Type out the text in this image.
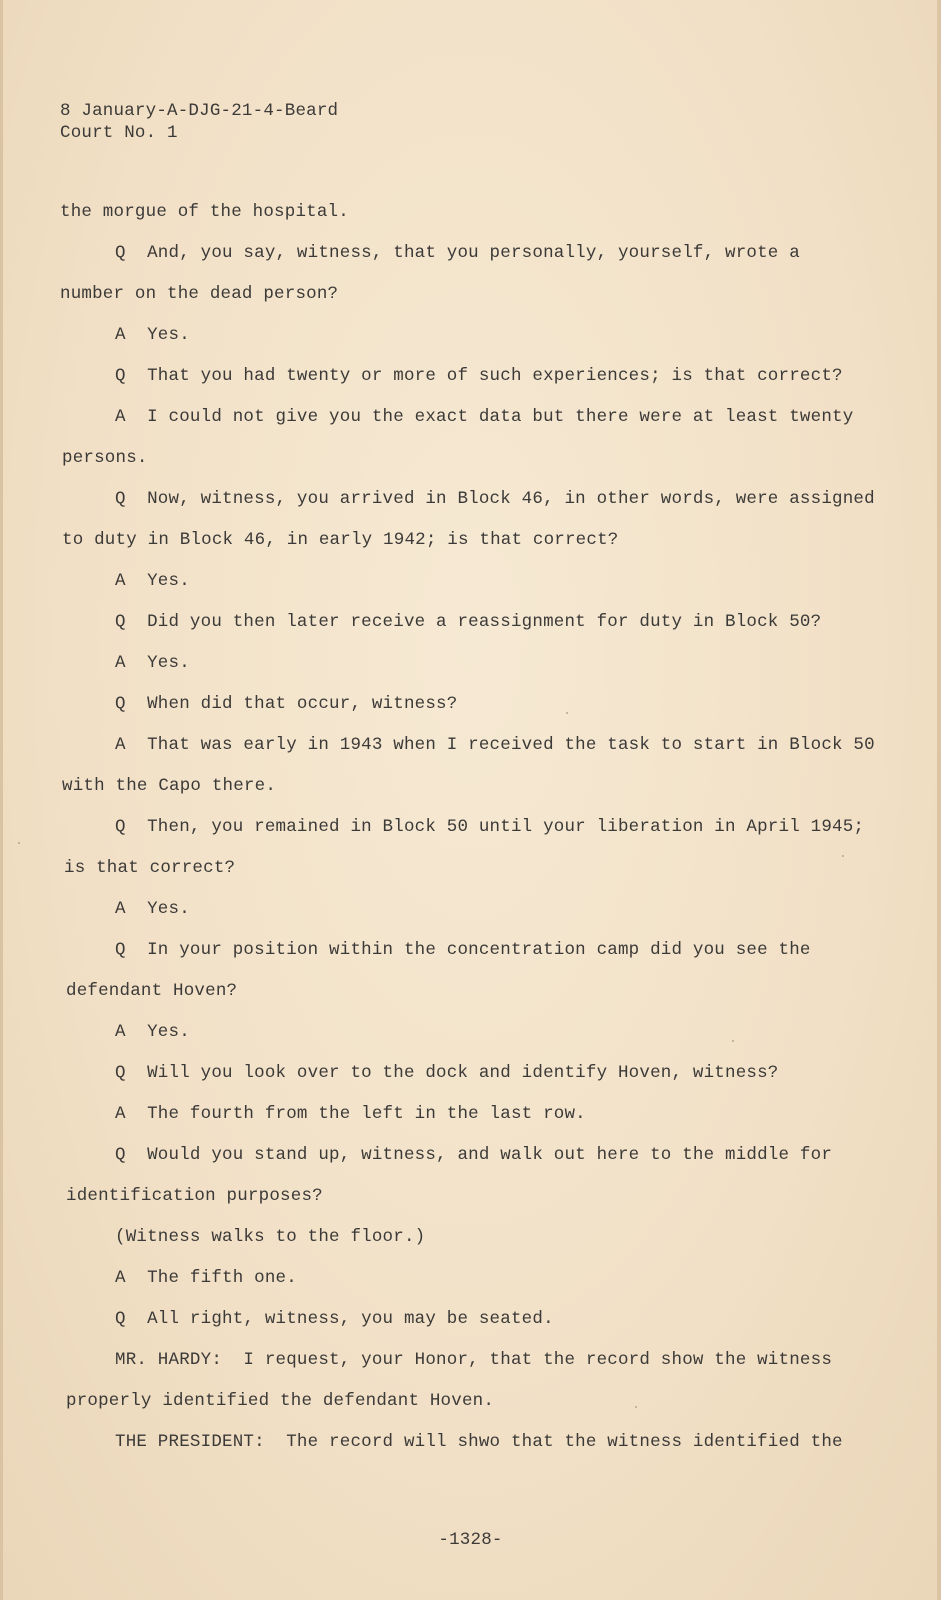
8 January-A-DJG-21-4-Beard
Court No. 1
the morgue of the hospital.
Q  And, you say, witness, that you personally, yourself, wrote a
number on the dead person?
A  Yes.
Q  That you had twenty or more of such experiences; is that correct?
A  I could not give you the exact data but there were at least twenty
persons.
Q  Now, witness, you arrived in Block 46, in other words, were assigned
to duty in Block 46, in early 1942; is that correct?
A  Yes.
Q  Did you then later receive a reassignment for duty in Block 50?
A  Yes.
Q  When did that occur, witness?
A  That was early in 1943 when I received the task to start in Block 50
with the Capo there.
Q  Then, you remained in Block 50 until your liberation in April 1945;
is that correct?
A  Yes.
Q  In your position within the concentration camp did you see the
defendant Hoven?
A  Yes.
Q  Will you look over to the dock and identify Hoven, witness?
A  The fourth from the left in the last row.
Q  Would you stand up, witness, and walk out here to the middle for
identification purposes?
(Witness walks to the floor.)
A  The fifth one.
Q  All right, witness, you may be seated.
MR. HARDY:  I request, your Honor, that the record show the witness
properly identified the defendant Hoven.
THE PRESIDENT:  The record will shwo that the witness identified the
-1328-
